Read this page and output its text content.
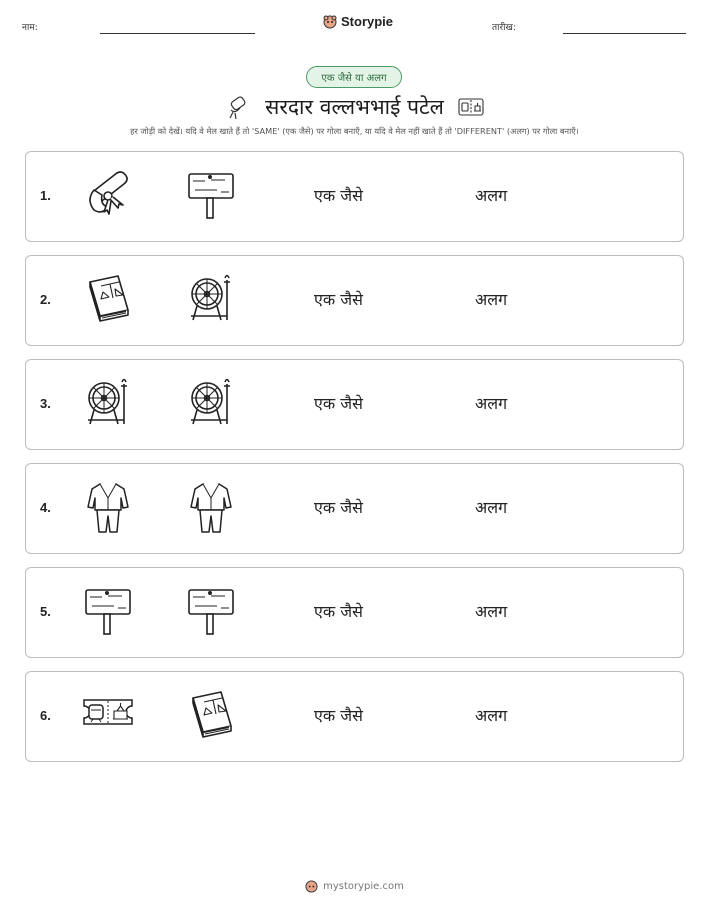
नाम:	Storypie	तारीख:
एक जैसे या अलग
सरदार वल्लभभाई पटेल
हर जोड़ी को देखें। यदि वे मेल खाते हैं तो 'SAME' (एक जैसे) पर गोला बनाएँ, या यदि वे मेल नहीं खाते हैं तो 'DIFFERENT' (अलग) पर गोला बनाएँ।
1.	एक जैसे	अलग
2.	एक जैसे	अलग
3.	एक जैसे	अलग
4.	एक जैसे	अलग
5.	एक जैसे	अलग
6.	एक जैसे	अलग
mystorypie.com
